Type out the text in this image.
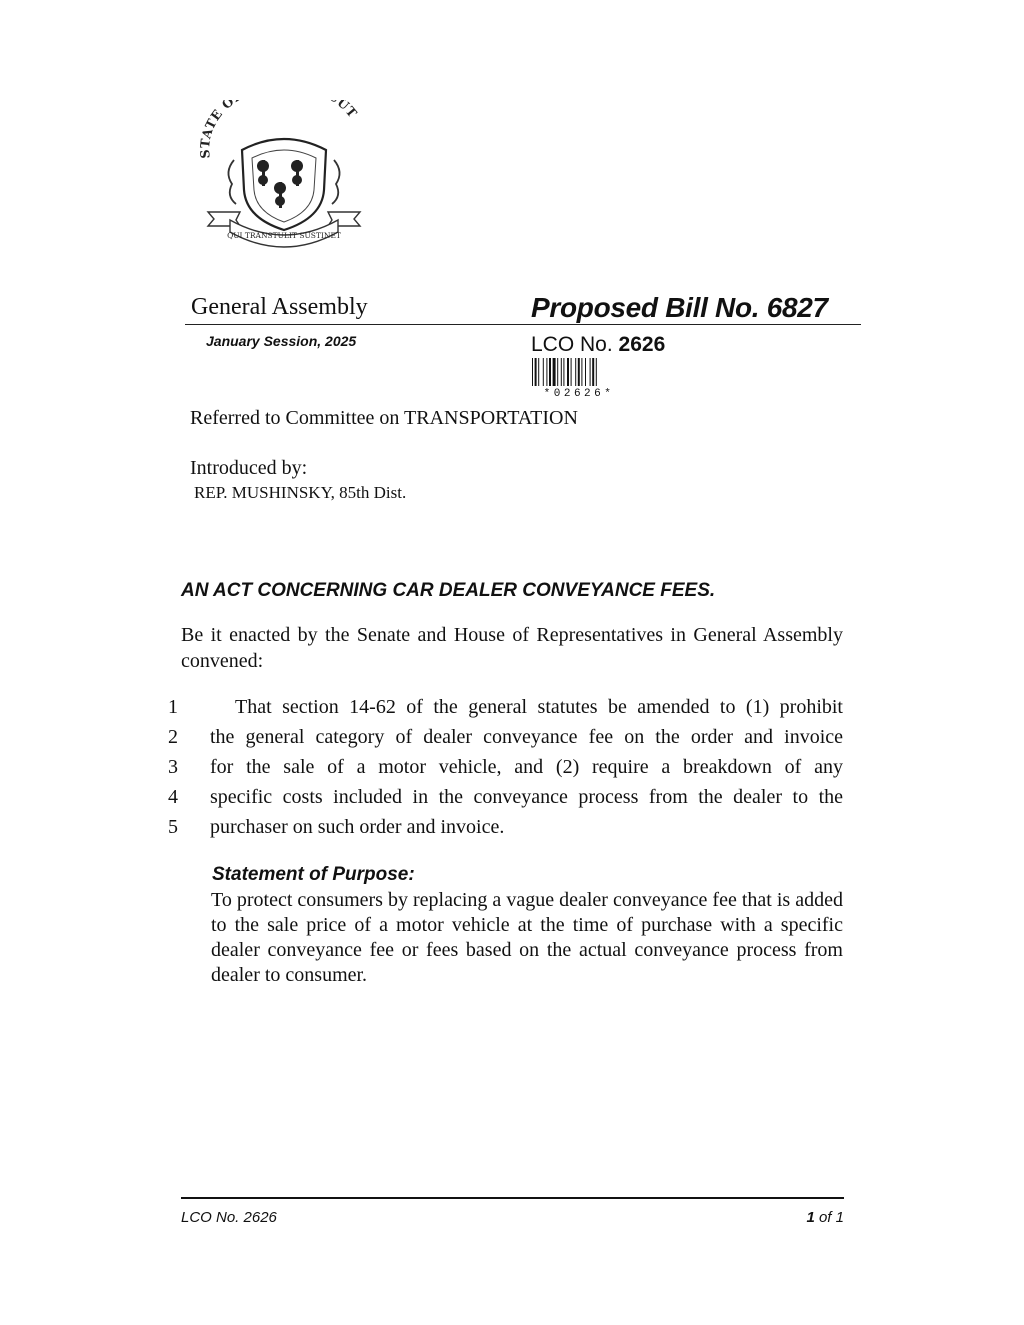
STATE O UT
QUI TRANSTULIT SUSTINET
General Assembly	Proposed Bill No. 6827
January Session, 2025	LCO No. 2626
*02626*
Referred to Committee on TRANSPORTATION
Introduced by:
REP. MUSHINSKY, 85th Dist.
AN ACT CONCERNING CAR DEALER CONVEYANCE FEES.
Be it enacted by the Senate and House of Representatives in General Assembly convened:
1	That section 14-62 of the general statutes be amended to (1) prohibit
2	the general category of dealer conveyance fee on the order and invoice
3	for the sale of a motor vehicle, and (2) require a breakdown of any
4	specific costs included in the conveyance process from the dealer to the
5	purchaser on such order and invoice.
Statement of Purpose:
To protect consumers by replacing a vague dealer conveyance fee that is added to the sale price of a motor vehicle at the time of purchase with a specific dealer conveyance fee or fees based on the actual conveyance process from dealer to consumer.
LCO No. 2626	1 of 1
